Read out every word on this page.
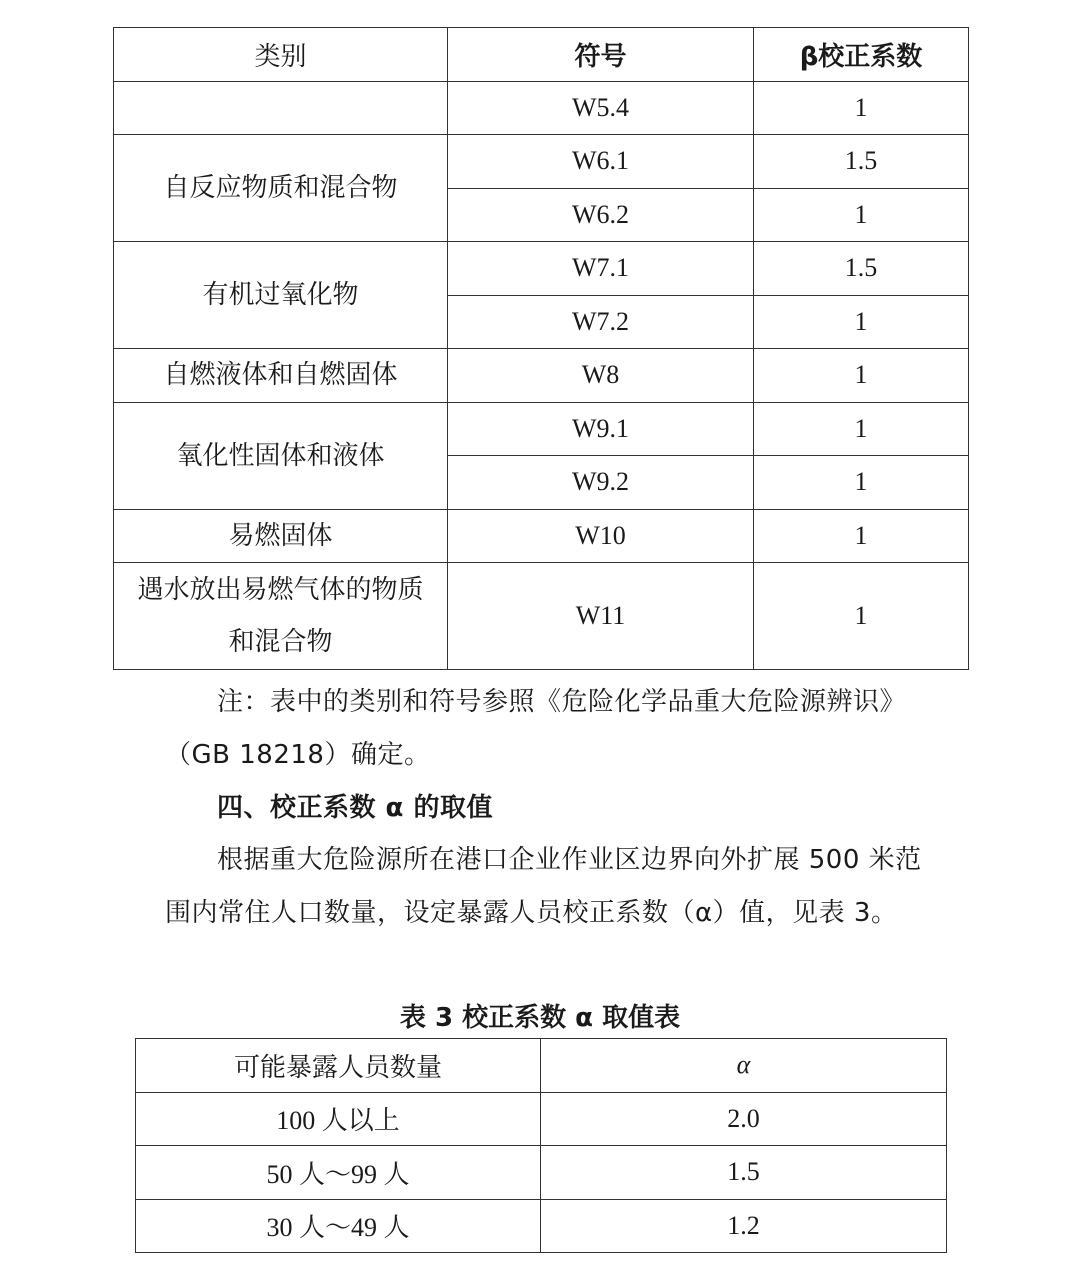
类别	符号	β校正系数
	W5.4	1
自反应物质和混合物	W6.1	1.5
	W6.2	1
有机过氧化物	W7.1	1.5
	W7.2	1
自燃液体和自燃固体	W8	1
氧化性固体和液体	W9.1	1
	W9.2	1
易燃固体	W10	1
遇水放出易燃气体的物质和混合物	W11	1

注：表中的类别和符号参照《危险化学品重大危险源辨识》（GB 18218）确定。

四、校正系数 α 的取值

根据重大危险源所在港口企业作业区边界向外扩展 500 米范围内常住人口数量，设定暴露人员校正系数（α）值，见表 3。

表 3 校正系数 α 取值表
可能暴露人员数量	α
100 人以上	2.0
50 人～99 人	1.5
30 人～49 人	1.2
